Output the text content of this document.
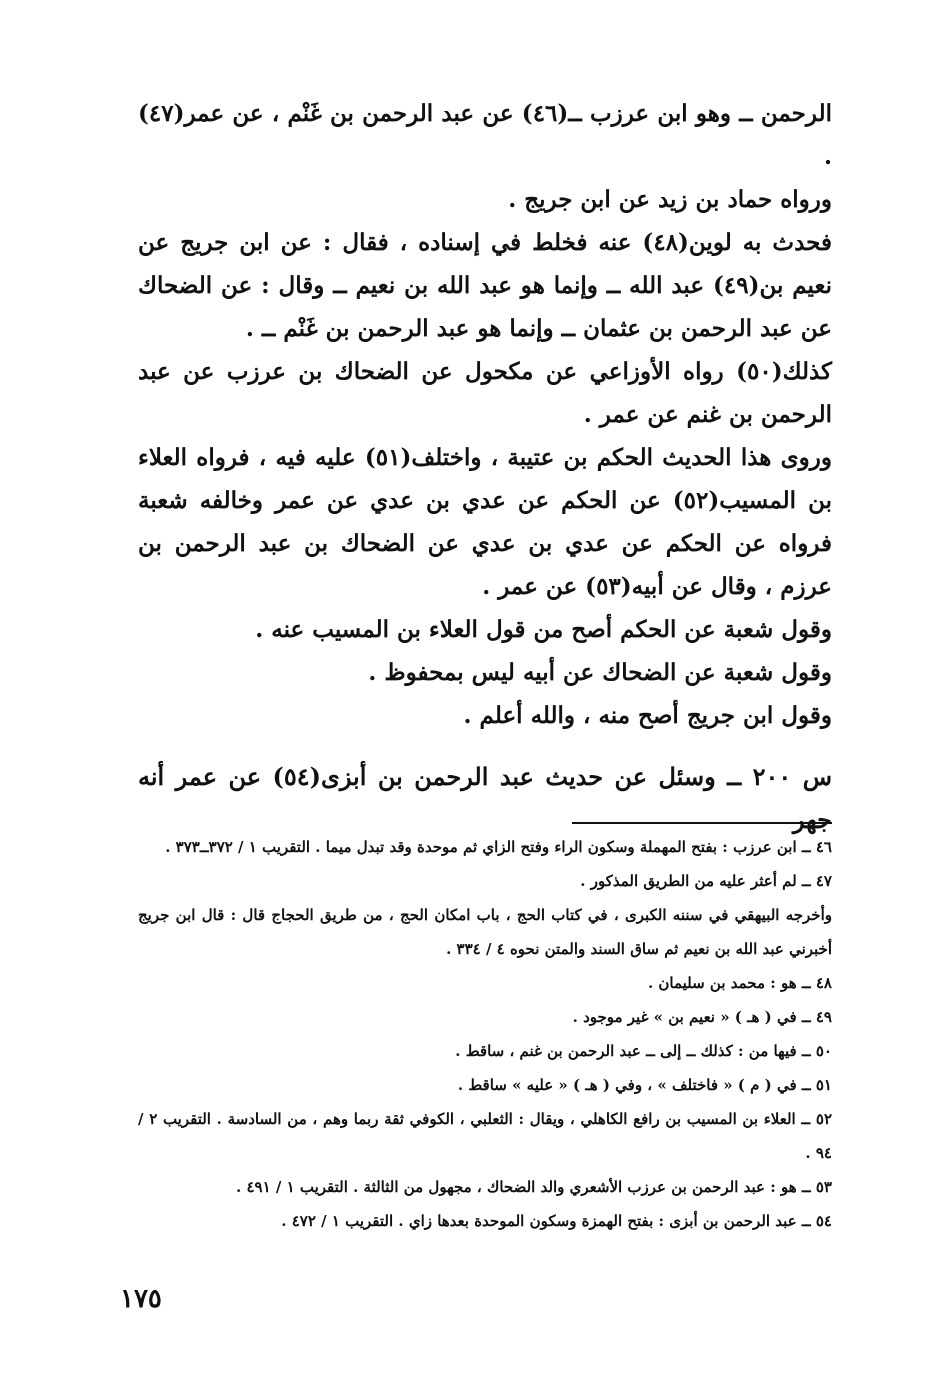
الرحمن ــ وهو ابن عرزب ــ(٤٦) عن عبد الرحمن بن غَنْم ، عن عمر(٤٧) .

ورواه حماد بن زيد عن ابن جريج .

فحدث به لوين(٤٨) عنه فخلط في إسناده ، فقال : عن ابن جريج عن نعيم بن(٤٩) عبد الله ــ وإنما هو عبد الله بن نعيم ــ وقال : عن الضحاك عن عبد الرحمن بن عثمان ــ وإنما هو عبد الرحمن بن غَنْم ــ .

كذلك(٥٠) رواه الأوزاعي عن مكحول عن الضحاك بن عرزب عن عبد الرحمن بن غنم عن عمر .

وروى هذا الحديث الحكم بن عتيبة ، واختلف(٥١) عليه فيه ، فرواه العلاء بن المسيب(٥٢) عن الحكم عن عدي بن عدي عن عمر وخالفه شعبة فرواه عن الحكم عن عدي بن عدي عن الضحاك بن عبد الرحمن بن عرزم ، وقال عن أبيه(٥٣) عن عمر .

وقول شعبة عن الحكم أصح من قول العلاء بن المسيب عنه .

وقول شعبة عن الضحاك عن أبيه ليس بمحفوظ .

وقول ابن جريج أصح منه ، والله أعلم .

س ٢٠٠ ــ وسئل عن حديث عبد الرحمن بن أبزى(٥٤) عن عمر أنه جهر

٤٦ ــ ابن عرزب : بفتح المهملة وسكون الراء وفتح الزاي ثم موحدة وقد تبدل ميما . التقريب ١ / ٣٧٢ــ٣٧٣ .

٤٧ ــ لم أعثر عليه من الطريق المذكور .

وأخرجه البيهقي في سننه الكبرى ، في كتاب الحج ، باب امكان الحج ، من طريق الحجاج قال : قال ابن جريج أخبرني عبد الله بن نعيم ثم ساق السند والمتن نحوه ٤ / ٣٣٤ .

٤٨ ــ هو : محمد بن سليمان .

٤٩ ــ في ( هـ ) « نعيم بن » غير موجود .

٥٠ ــ فيها من : كذلك ــ إلى ــ عبد الرحمن بن غنم ، ساقط .

٥١ ــ في ( م ) « فاختلف » ، وفي ( هـ ) « عليه » ساقط .

٥٢ ــ العلاء بن المسيب بن رافع الكاهلي ، ويقال : الثعلبي ، الكوفي ثقة ربما وهم ، من السادسة . التقريب ٢ / ٩٤ .

٥٣ ــ هو : عبد الرحمن بن عرزب الأشعري والد الضحاك ، مجهول من الثالثة . التقريب ١ / ٤٩١ .

٥٤ ــ عبد الرحمن بن أبزى : بفتح الهمزة وسكون الموحدة بعدها زاي . التقريب ١ / ٤٧٢ .

١٧٥
